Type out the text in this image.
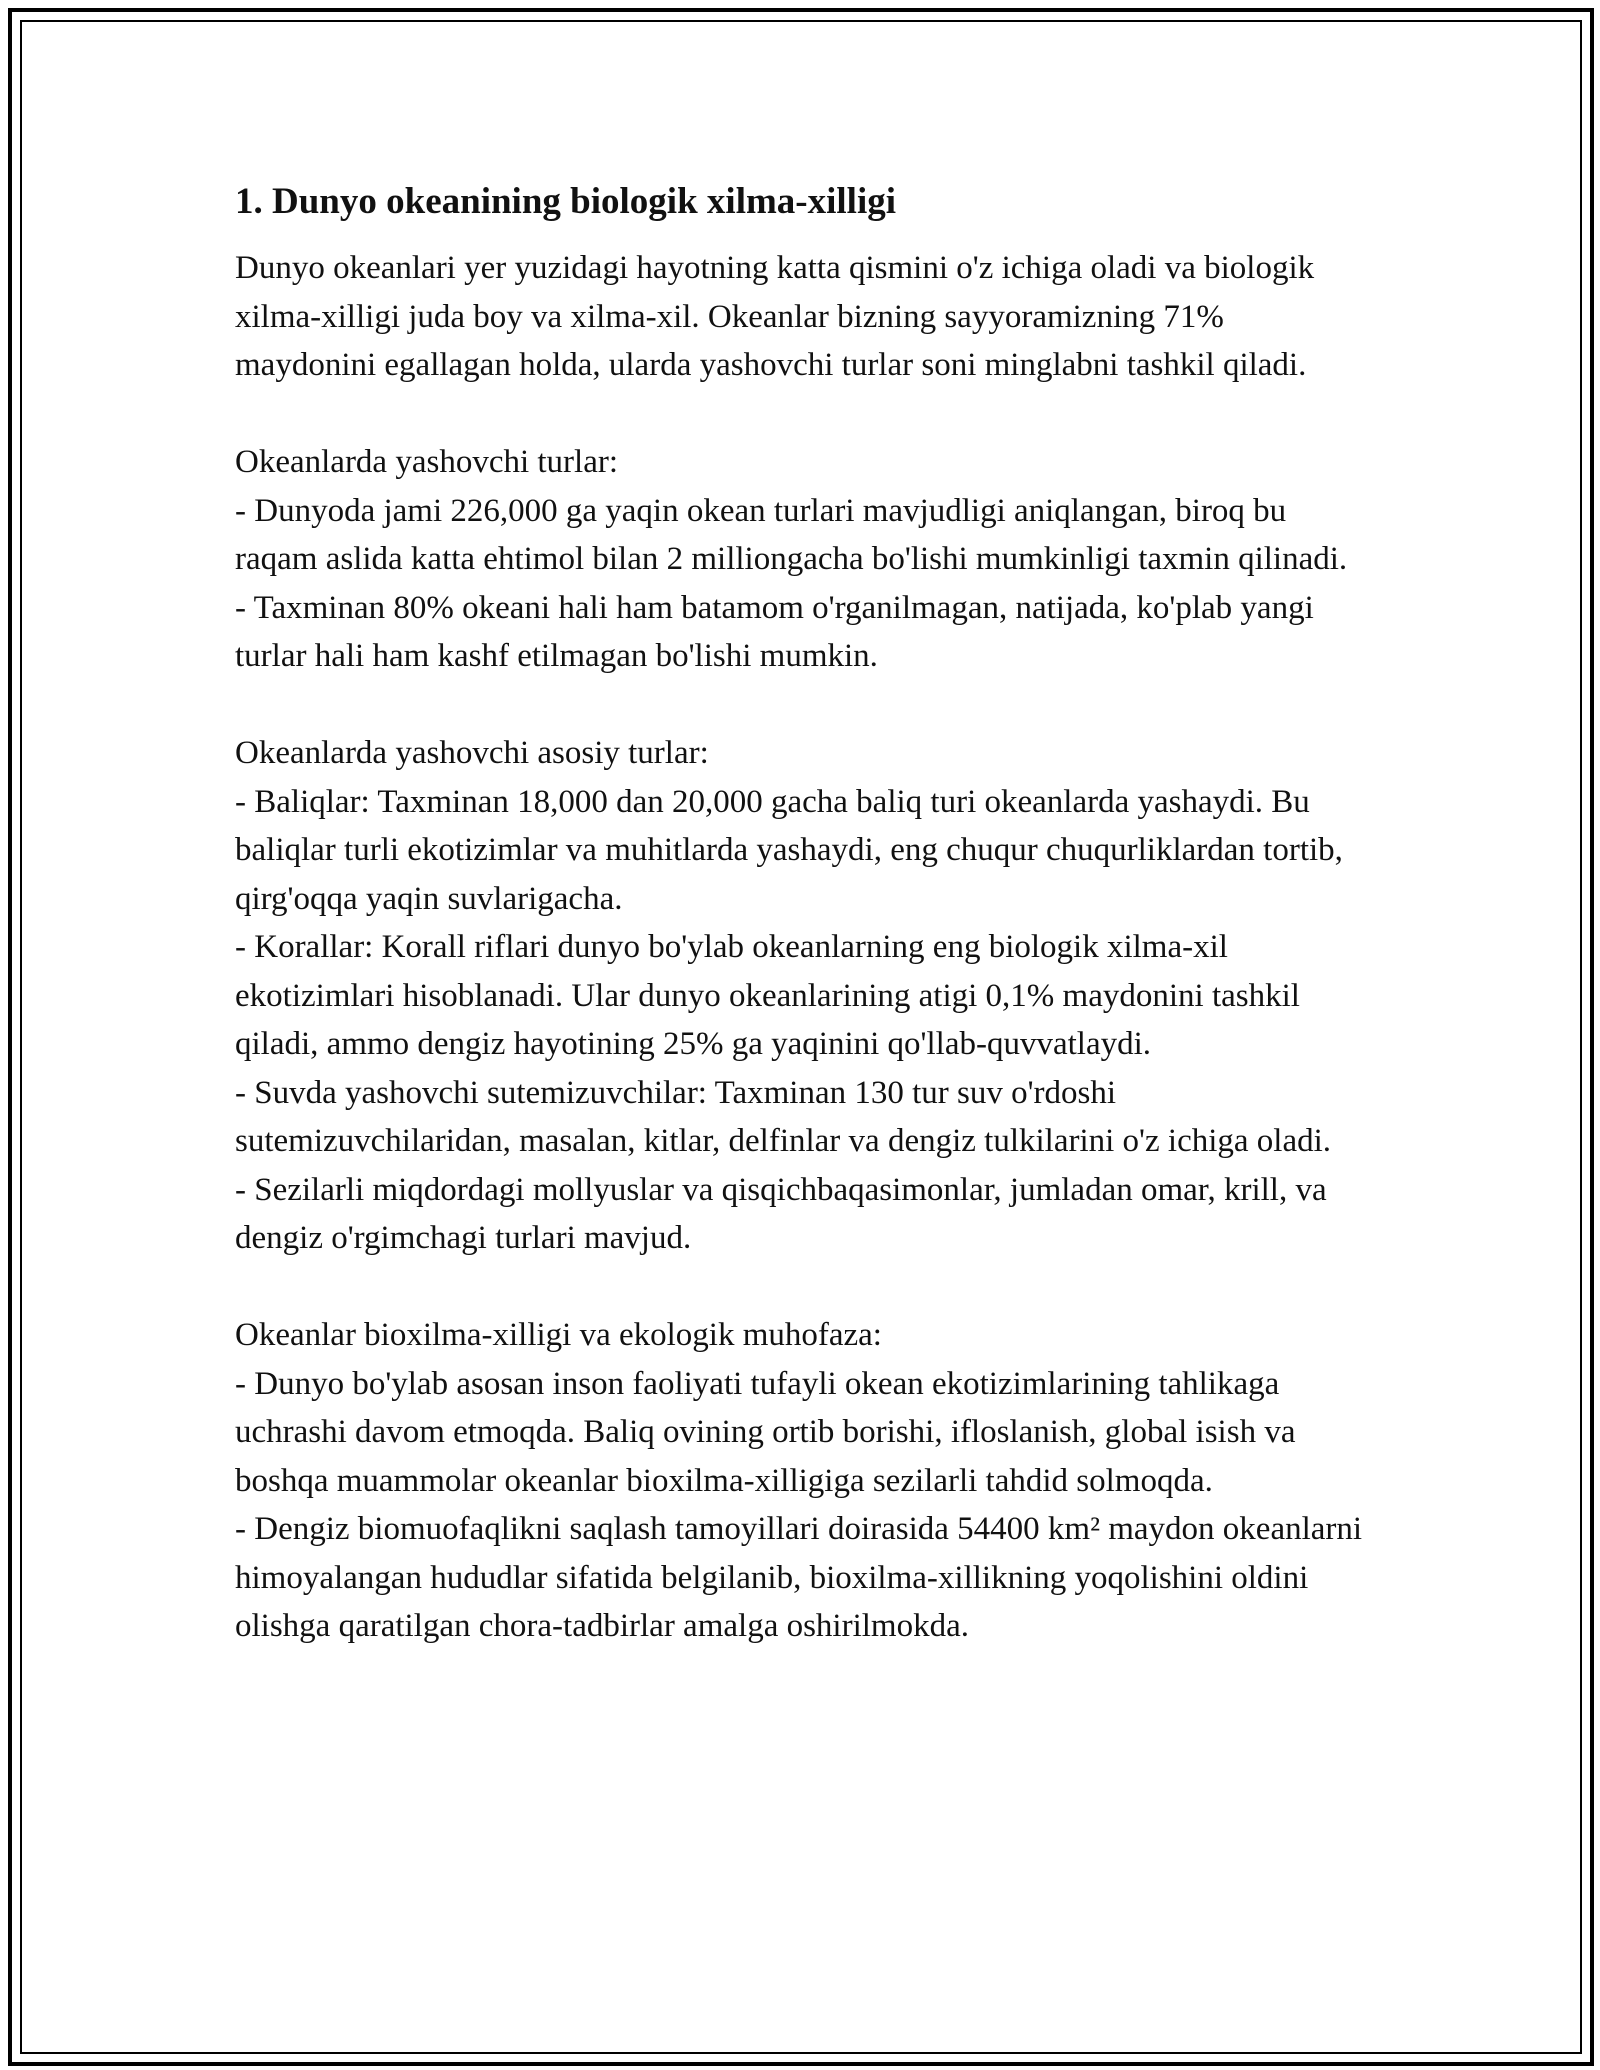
1. Dunyo okeanining biologik xilma-xilligi

Dunyo okeanlari yer yuzidagi hayotning katta qismini o'z ichiga oladi va biologik xilma-xilligi juda boy va xilma-xil. Okeanlar bizning sayyoramizning 71% maydonini egallagan holda, ularda yashovchi turlar soni minglabni tashkil qiladi.

Okeanlarda yashovchi turlar:

- Dunyoda jami 226,000 ga yaqin okean turlari mavjudligi aniqlangan, biroq bu raqam aslida katta ehtimol bilan 2 milliongacha bo'lishi mumkinligi taxmin qilinadi.

- Taxminan 80% okeani hali ham batamom o'rganilmagan, natijada, ko'plab yangi turlar hali ham kashf etilmagan bo'lishi mumkin.

Okeanlarda yashovchi asosiy turlar:

- Baliqlar: Taxminan 18,000 dan 20,000 gacha baliq turi okeanlarda yashaydi. Bu baliqlar turli ekotizimlar va muhitlarda yashaydi, eng chuqur chuqurliklardan tortib, qirg'oqqa yaqin suvlarigacha.

- Korallar: Korall riflari dunyo bo'ylab okeanlarning eng biologik xilma-xil ekotizimlari hisoblanadi. Ular dunyo okeanlarining atigi 0,1% maydonini tashkil qiladi, ammo dengiz hayotining 25% ga yaqinini qo'llab-quvvatlaydi.

- Suvda yashovchi sutemizuvchilar: Taxminan 130 tur suv o'rdoshi sutemizuvchilaridan, masalan, kitlar, delfinlar va dengiz tulkilarini o'z ichiga oladi.

- Sezilarli miqdordagi mollyuslar va qisqichbaqasimonlar, jumladan omar, krill, va dengiz o'rgimchagi turlari mavjud.

Okeanlar bioxilma-xilligi va ekologik muhofaza:

- Dunyo bo'ylab asosan inson faoliyati tufayli okean ekotizimlarining tahlikaga uchrashi davom etmoqda. Baliq ovining ortib borishi, ifloslanish, global isish va boshqa muammolar okeanlar bioxilma-xilligiga sezilarli tahdid solmoqda.

- Dengiz biomuofaqlikni saqlash tamoyillari doirasida 54400 km² maydon okeanlarni himoyalangan hududlar sifatida belgilanib, bioxilma-xillikning yoqolishini oldini olishga qaratilgan chora-tadbirlar amalga oshirilmokda.
